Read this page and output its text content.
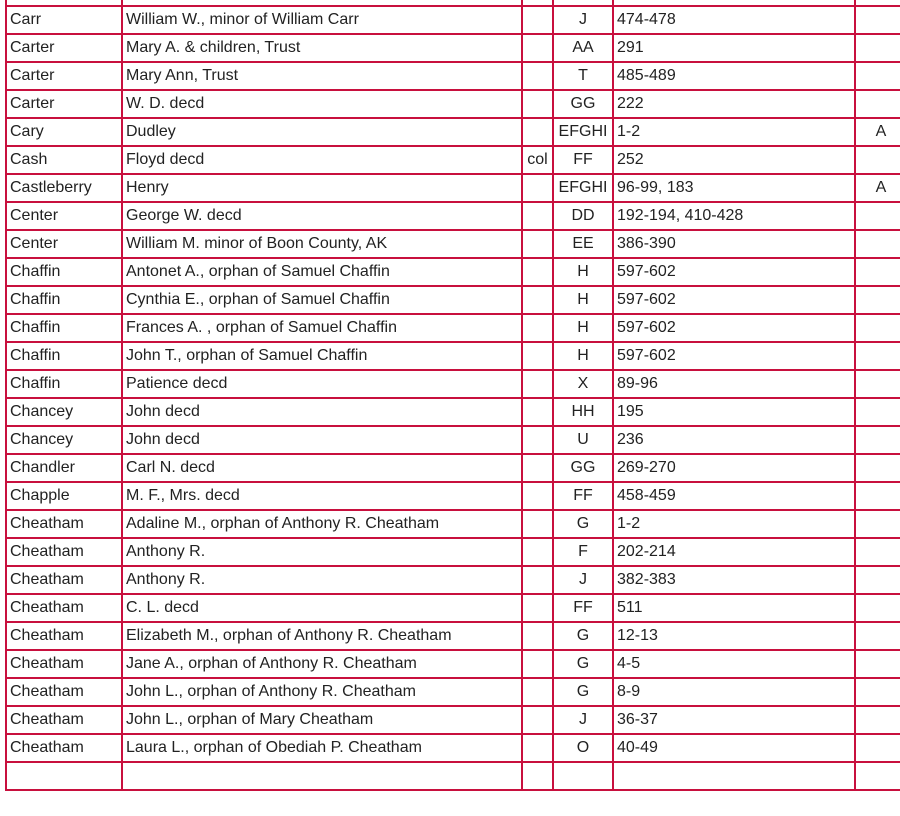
Carr	William W., minor of William Carr		J	474-478	
Carter	Mary A. & children, Trust		AA	291	
Carter	Mary Ann, Trust		T	485-489	
Carter	W. D. decd		GG	222	
Cary	Dudley		EFGHI	1-2	A
Cash	Floyd decd	col	FF	252	
Castleberry	Henry		EFGHI	96-99, 183	A
Center	George W. decd		DD	192-194, 410-428	
Center	William M. minor of Boon County, AK		EE	386-390	
Chaffin	Antonet A., orphan of Samuel Chaffin		H	597-602	
Chaffin	Cynthia E., orphan of Samuel Chaffin		H	597-602	
Chaffin	Frances A. , orphan of Samuel Chaffin		H	597-602	
Chaffin	John T., orphan of Samuel Chaffin		H	597-602	
Chaffin	Patience decd		X	89-96	
Chancey	John decd		HH	195	
Chancey	John decd		U	236	
Chandler	Carl N. decd		GG	269-270	
Chapple	M. F., Mrs. decd		FF	458-459	
Cheatham	Adaline M., orphan of Anthony R. Cheatham		G	1-2	
Cheatham	Anthony R.		F	202-214	
Cheatham	Anthony R.		J	382-383	
Cheatham	C. L. decd		FF	511	
Cheatham	Elizabeth M., orphan of Anthony R. Cheatham		G	12-13	
Cheatham	Jane A., orphan of Anthony R. Cheatham		G	4-5	
Cheatham	John L., orphan of Anthony R. Cheatham		G	8-9	
Cheatham	John L., orphan of Mary Cheatham		J	36-37	
Cheatham	Laura L., orphan of Obediah P. Cheatham		O	40-49	
